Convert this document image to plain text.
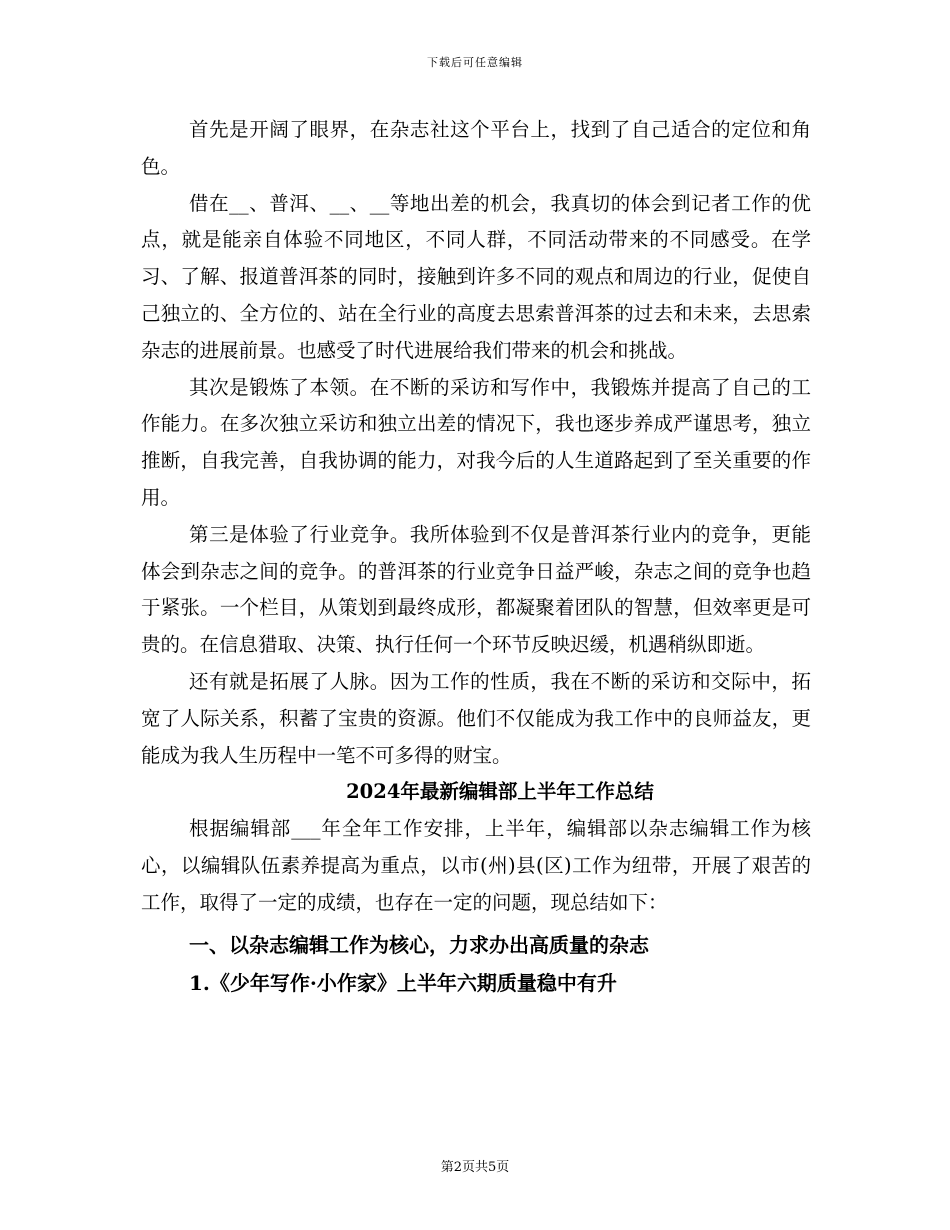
下载后可任意编辑

首先是开阔了眼界，在杂志社这个平台上，找到了自己适合的定位和角色。

借在__、普洱、__、__等地出差的机会，我真切的体会到记者工作的优点，就是能亲自体验不同地区，不同人群，不同活动带来的不同感受。在学习、了解、报道普洱茶的同时，接触到许多不同的观点和周边的行业，促使自己独立的、全方位的、站在全行业的高度去思索普洱茶的过去和未来，去思索杂志的进展前景。也感受了时代进展给我们带来的机会和挑战。

其次是锻炼了本领。在不断的采访和写作中，我锻炼并提高了自己的工作能力。在多次独立采访和独立出差的情况下，我也逐步养成严谨思考，独立推断，自我完善，自我协调的能力，对我今后的人生道路起到了至关重要的作用。

第三是体验了行业竞争。我所体验到不仅是普洱茶行业内的竞争，更能体会到杂志之间的竞争。的普洱茶的行业竞争日益严峻，杂志之间的竞争也趋于紧张。一个栏目，从策划到最终成形，都凝聚着团队的智慧，但效率更是可贵的。在信息猎取、决策、执行任何一个环节反映迟缓，机遇稍纵即逝。

还有就是拓展了人脉。因为工作的性质，我在不断的采访和交际中，拓宽了人际关系，积蓄了宝贵的资源。他们不仅能成为我工作中的良师益友，更能成为我人生历程中一笔不可多得的财宝。

2024年最新编辑部上半年工作总结

根据编辑部___年全年工作安排，上半年，编辑部以杂志编辑工作为核心，以编辑队伍素养提高为重点，以市(州)县(区)工作为纽带，开展了艰苦的工作，取得了一定的成绩，也存在一定的问题，现总结如下：

一、以杂志编辑工作为核心，力求办出高质量的杂志

1.《少年写作·小作家》上半年六期质量稳中有升

第2页共5页
